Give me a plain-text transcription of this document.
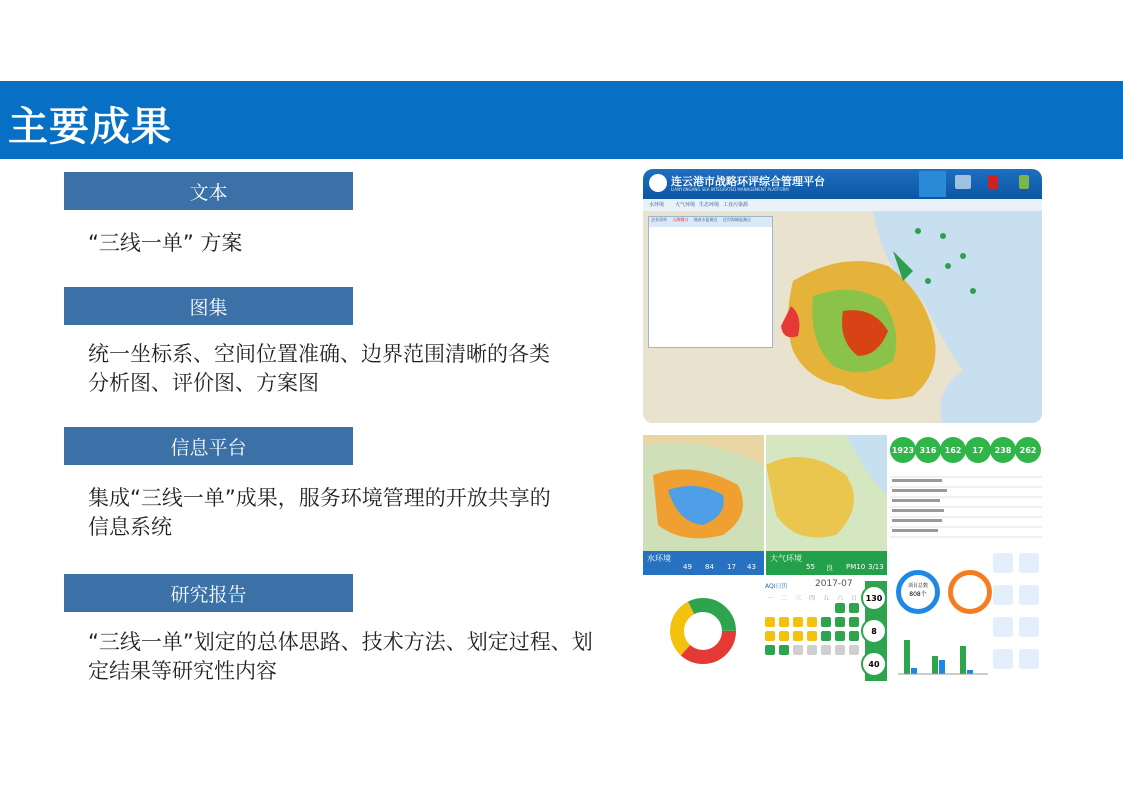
主要成果
文本
“三线一单” 方案
图集
统一坐标系、空间位置准确、边界范围清晰的各类分析图、评价图、方案图
信息平台
集成“三线一单”成果，服务环境管理的开放共享的信息系统
研究报告
“三线一单”划定的总体思路、技术方法、划定过程、划定结果等研究性内容
连云港市战略环评综合管理平台
LIANYUNGANG SEA INTEGRATED MANAGEMENT PLATFORM
水环境 大气环境 生态环境 工业污染源
企业清单 入海排口 地表水监测点 近岸海域监测点
水环境
49 84 17 43
大气环境
55 良 PM10 3/13
1923 316	162	17	238	262
AQI日历	2017-07
一 二 三 四 五 六 日	130
8
40
项目总数
808个
